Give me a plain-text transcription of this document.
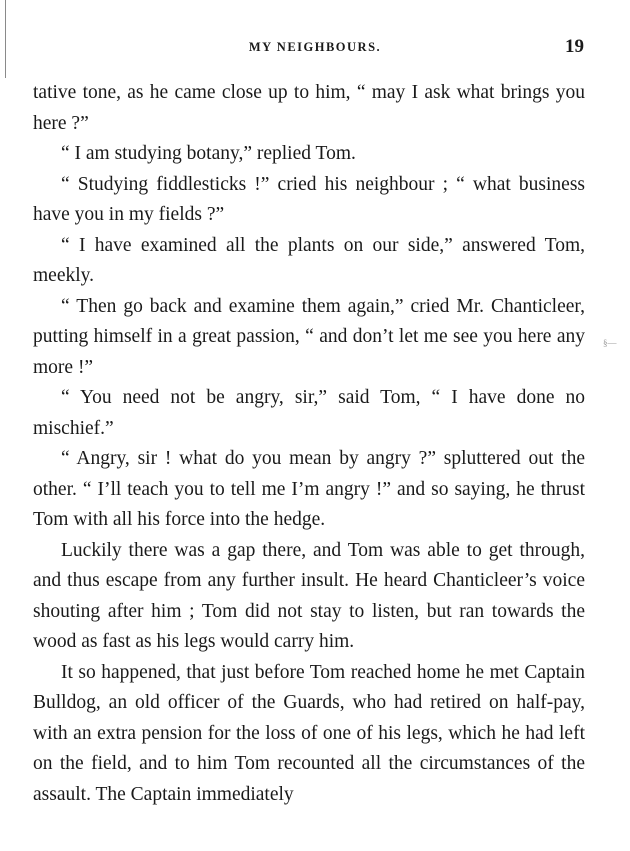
MY NEIGHBOURS.	19

tative tone, as he came close up to him, “ may I ask what brings you here ?”

“ I am studying botany,” replied Tom.

“ Studying fiddlesticks !” cried his neighbour ; “ what business have you in my fields ?”

“ I have examined all the plants on our side,” answered Tom, meekly.

“ Then go back and examine them again,” cried Mr. Chanticleer, putting himself in a great passion, “ and don’t let me see you here any more !”

“ You need not be angry, sir,” said Tom, “ I have done no mischief.”

“ Angry, sir ! what do you mean by angry ?” spluttered out the other. “ I’ll teach you to tell me I’m angry !” and so saying, he thrust Tom with all his force into the hedge.

Luckily there was a gap there, and Tom was able to get through, and thus escape from any further insult. He heard Chanticleer’s voice shouting after him ; Tom did not stay to listen, but ran towards the wood as fast as his legs would carry him.

It so happened, that just before Tom reached home he met Captain Bulldog, an old officer of the Guards, who had retired on half-pay, with an extra pension for the loss of one of his legs, which he had left on the field, and to him Tom recounted all the circumstances of the assault. The Captain immediately

§—
